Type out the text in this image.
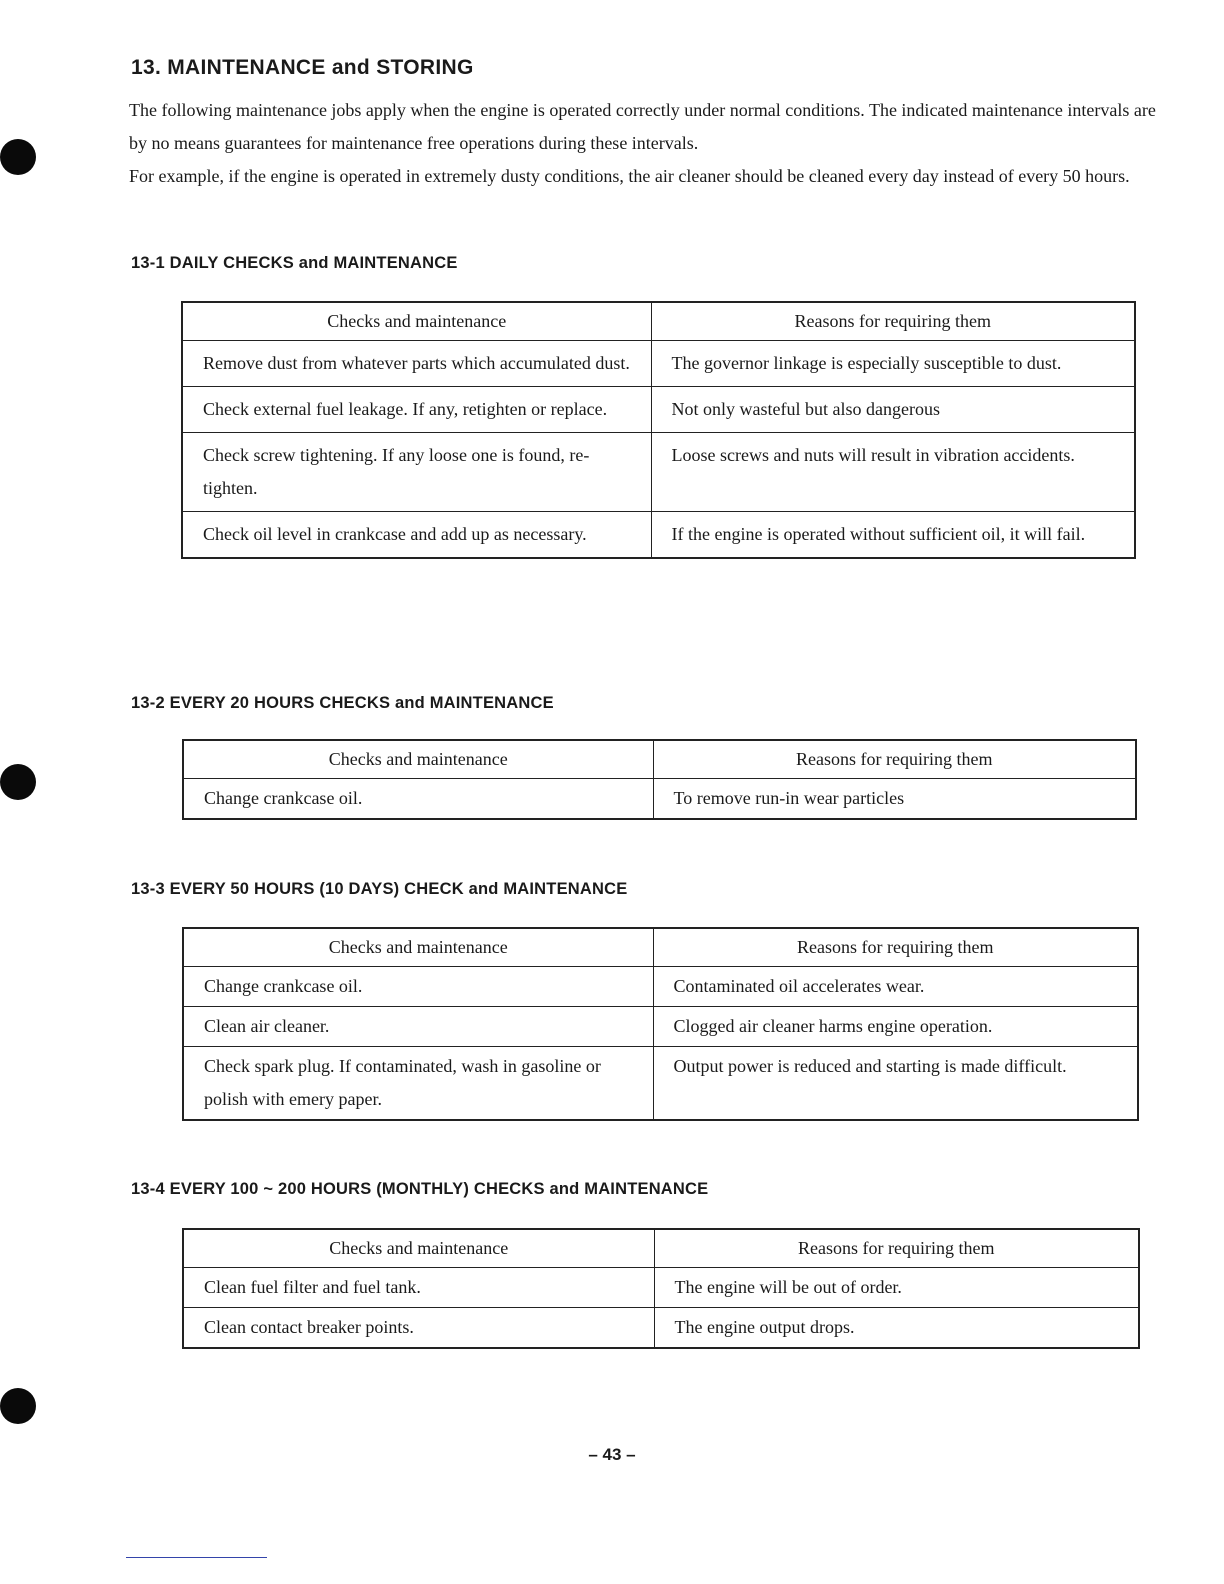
13. MAINTENANCE and STORING

The following maintenance jobs apply when the engine is operated correctly under normal conditions. The indicated maintenance intervals are by no means guarantees for maintenance free operations during these intervals.

For example, if the engine is operated in extremely dusty conditions, the air cleaner should be cleaned every day instead of every 50 hours.

13-1 DAILY CHECKS and MAINTENANCE
Checks and maintenance	Reasons for requiring them
Remove dust from whatever parts which accumulated dust.	The governor linkage is especially susceptible to dust.
Check external fuel leakage. If any, retighten or replace.	Not only wasteful but also dangerous
Check screw tightening. If any loose one is found, re-tighten.	Loose screws and nuts will result in vibration accidents.
Check oil level in crankcase and add up as necessary.	If the engine is operated without sufficient oil, it will fail.
13-2 EVERY 20 HOURS CHECKS and MAINTENANCE
Checks and maintenance	Reasons for requiring them
Change crankcase oil.	To remove run-in wear particles
13-3 EVERY 50 HOURS (10 DAYS) CHECK and MAINTENANCE
Checks and maintenance	Reasons for requiring them
Change crankcase oil.	Contaminated oil accelerates wear.
Clean air cleaner.	Clogged air cleaner harms engine operation.
Check spark plug. If contaminated, wash in gasoline or polish with emery paper.	Output power is reduced and starting is made difficult.
13-4 EVERY 100 ~ 200 HOURS (MONTHLY) CHECKS and MAINTENANCE
Checks and maintenance	Reasons for requiring them
Clean fuel filter and fuel tank.	The engine will be out of order.
Clean contact breaker points.	The engine output drops.
– 43 –
